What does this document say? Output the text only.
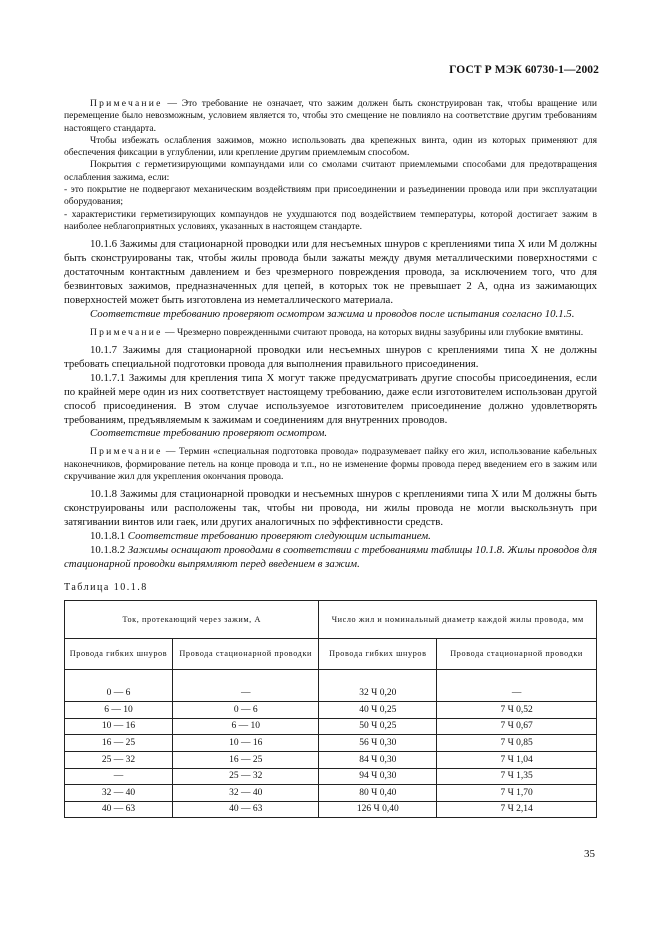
ГОСТ Р МЭК 60730-1—2002

Примечание — Это требование не означает, что зажим должен быть сконструирован так, чтобы вращение или перемещение было невозможным, условием является то, чтобы это смещение не повлияло на соответствие другим требованиям настоящего стандарта.

Чтобы избежать ослабления зажимов, можно использовать два крепежных винта, один из которых применяют для обеспечения фиксации в углублении, или крепление другим приемлемым способом.

Покрытия с герметизирующими компаундами или со смолами считают приемлемыми способами для предотвращения ослабления зажима, если:

- это покрытие не подвергают механическим воздействиям при присоединении и разъединении провода или при эксплуатации оборудования;

- характеристики герметизирующих компаундов не ухудшаются под воздействием температуры, которой достигает зажим в наиболее неблагоприятных условиях, указанных в настоящем стандарте.

10.1.6 Зажимы для стационарной проводки или для несъемных шнуров с креплениями типа X или M должны быть сконструированы так, чтобы жилы провода были зажаты между двумя металлическими поверхностями с достаточным контактным давлением и без чрезмерного повреждения провода, за исключением того, что для безвинтовых зажимов, предназначенных для цепей, в которых ток не превышает 2 А, одна из зажимающих поверхностей может быть изготовлена из неметаллического материала.

Соответствие требованию проверяют осмотром зажима и проводов после испытания согласно 10.1.5.

Примечание — Чрезмерно поврежденными считают провода, на которых видны зазубрины или глубокие вмятины.

10.1.7 Зажимы для стационарной проводки или несъемных шнуров с креплениями типа X не должны требовать специальной подготовки провода для выполнения правильного присоединения.

10.1.7.1 Зажимы для крепления типа X могут также предусматривать другие способы присоединения, если по крайней мере один из них соответствует настоящему требованию, даже если изготовителем использован другой способ присоединения. В этом случае используемое изготовителем присоединение должно удовлетворять требованиям, предъявляемым к зажимам и соединениям для внутренних проводов.

Соответствие требованию проверяют осмотром.

Примечание — Термин «специальная подготовка провода» подразумевает пайку его жил, использование кабельных наконечников, формирование петель на конце провода и т.п., но не изменение формы провода перед введением его в зажим или скручивание жил для укрепления окончания провода.

10.1.8 Зажимы для стационарной проводки и несъемных шнуров с креплениями типа X или M должны быть сконструированы или расположены так, чтобы ни провода, ни жилы провода не могли выскользнуть при затягивании винтов или гаек, или других аналогичных по эффективности средств.

10.1.8.1 Соответствие требованию проверяют следующим испытанием.

10.1.8.2 Зажимы оснащают проводами в соответствии с требованиями таблицы 10.1.8. Жилы проводов для стационарной проводки выпрямляют перед введением в зажим.

Таблица 10.1.8
Ток, протекающий через зажим, А		Число жил и номинальный диаметр каждой жилы провода, мм	
Провода гибких шнуров	Провода стационарной проводки	Провода гибких шнуров	Провода стационарной проводки

0 — 6	—	32 Ч 0,20	—
6 — 10	0 — 6	40 Ч 0,25	7 Ч 0,52
10 — 16	6 — 10	50 Ч 0,25	7 Ч 0,67
16 — 25	10 — 16	56 Ч 0,30	7 Ч 0,85
25 — 32	16 — 25	84 Ч 0,30	7 Ч 1,04
—	25 — 32	94 Ч 0,30	7 Ч 1,35
32 — 40	32 — 40	80 Ч 0,40	7 Ч 1,70
40 — 63	40 — 63	126 Ч 0,40	7 Ч 2,14
35
